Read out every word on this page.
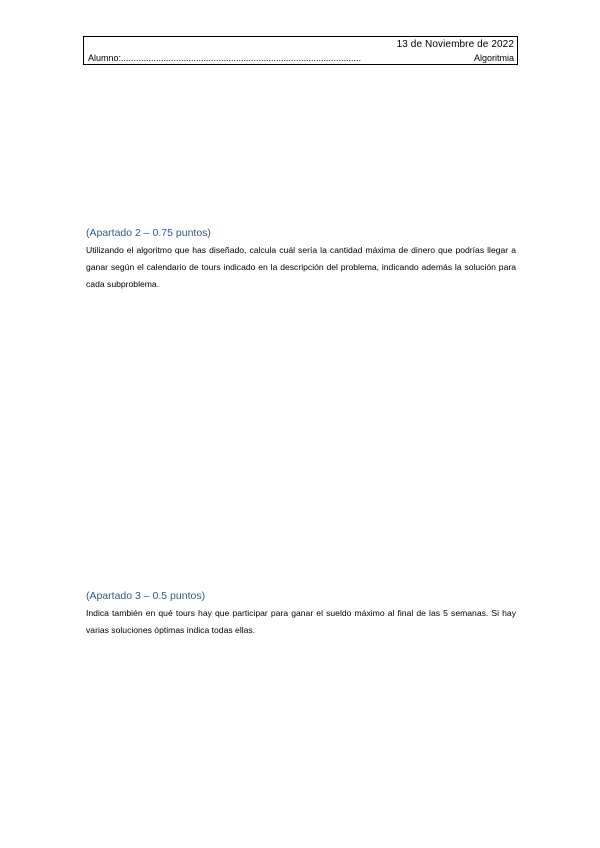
13 de Noviembre de 2022
Alumno:................................................................................................	Algoritmia
(Apartado 2 – 0.75 puntos)
Utilizando el algoritmo que has diseñado, calcula cuál sería la cantidad máxima de dinero que podrías llegar a ganar según el calendario de tours indicado en la descripción del problema, indicando además la solución para cada subproblema.
(Apartado 3 – 0.5 puntos)
Indica también en qué tours hay que participar para ganar el sueldo máximo al final de las 5 semanas. Si hay varias soluciones óptimas indica todas ellas.
